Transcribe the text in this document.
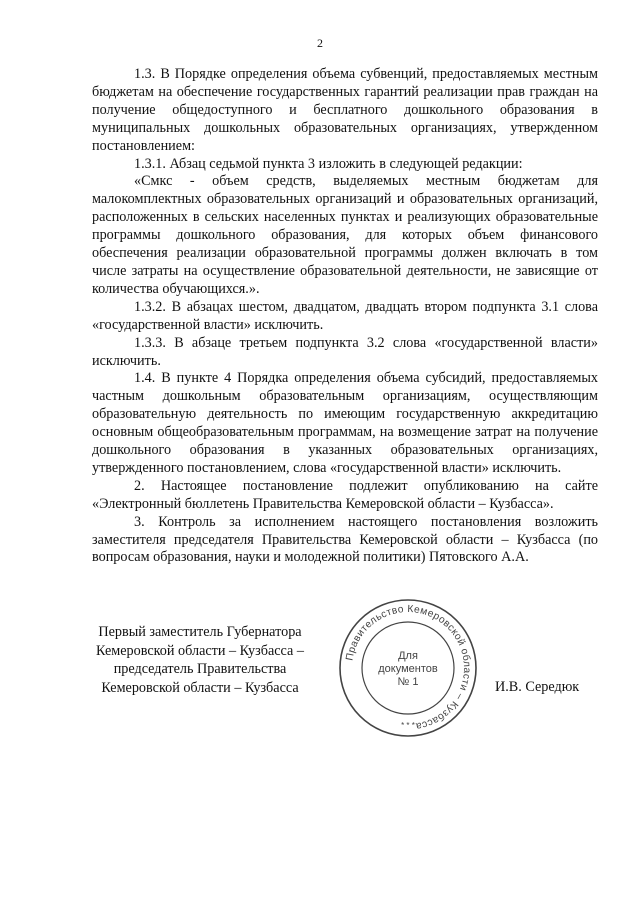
2

1.3. В Порядке определения объема субвенций, предоставляемых местным бюджетам на обеспечение государственных гарантий реализации прав граждан на получение общедоступного и бесплатного дошкольного образования в муниципальных дошкольных образовательных организациях, утвержденном постановлением:

1.3.1. Абзац седьмой пункта 3 изложить в следующей редакции:

«Смкс - объем средств, выделяемых местным бюджетам для малокомплектных образовательных организаций и образовательных организаций, расположенных в сельских населенных пунктах и реализующих образовательные программы дошкольного образования, для которых объем финансового обеспечения реализации образовательной программы должен включать в том числе затраты на осуществление образовательной деятельности, не зависящие от количества обучающихся.».

1.3.2. В абзацах шестом, двадцатом, двадцать втором подпункта 3.1 слова «государственной власти» исключить.

1.3.3. В абзаце третьем подпункта 3.2 слова «государственной власти» исключить.

1.4. В пункте 4 Порядка определения объема субсидий, предоставляемых частным дошкольным образовательным организациям, осуществляющим образовательную деятельность по имеющим государственную аккредитацию основным общеобразовательным программам, на возмещение затрат на получение дошкольного образования в указанных образовательных организациях, утвержденного постановлением, слова «государственной власти» исключить.

2. Настоящее постановление подлежит опубликованию на сайте «Электронный бюллетень Правительства Кемеровской области – Кузбасса».

3. Контроль за исполнением настоящего постановления возложить заместителя председателя Правительства Кемеровской области – Кузбасса (по вопросам образования, науки и молодежной политики) Пятовского А.А.

Первый заместитель Губернатора
Кемеровской области – Кузбасса –
председатель Правительства
Кемеровской области – Кузбасса
Правительство Кемеровской области – Кузбасса
Для
документов
№ 1
* * *
И.В. Середюк
